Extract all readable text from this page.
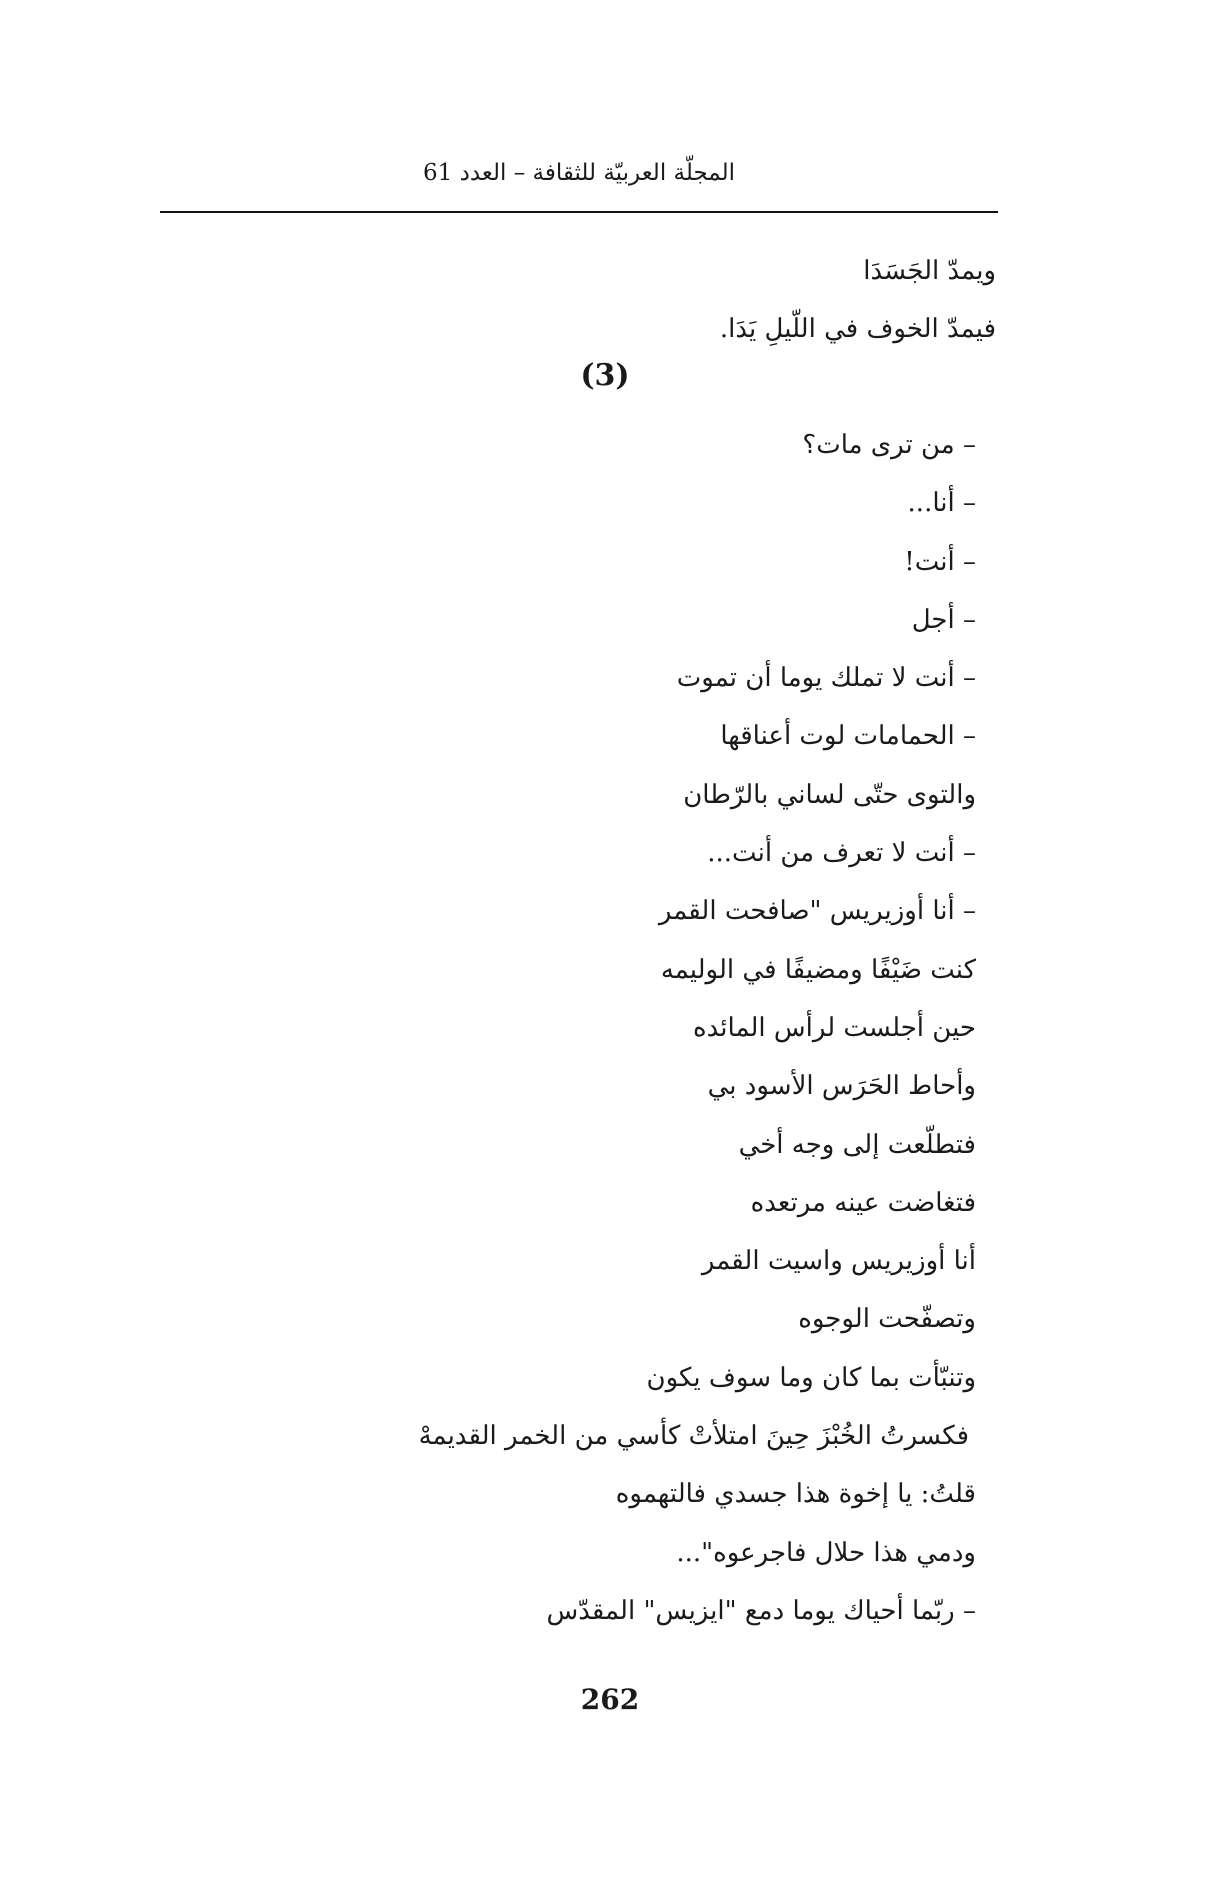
المجلّة العربيّة للثقافة – العدد 61
ويمدّ الجَسَدَا
فيمدّ الخوف في اللّيلِ يَدَا.
(3)
– من ترى مات؟
– أنا...
– أنت!
– أجل
– أنت لا تملك يوما أن تموت
– الحمامات لوت أعناقها
والتوى حتّى لساني بالرّطان
– أنت لا تعرف من أنت...
– أنا أوزيريس "صافحت القمر
كنت ضَيْفًا ومضيفًا في الوليمه
حين أجلست لرأس المائده
وأحاط الحَرَس الأسود بي
فتطلّعت إلى وجه أخي
فتغاضت عينه مرتعده
أنا أوزيريس واسيت القمر
وتصفّحت الوجوه
وتنبّأت بما كان وما سوف يكون
فكسرتُ الخُبْزَ حِينَ امتلأتْ كأسي من الخمر القديمهْ
قلتُ: يا إخوة هذا جسدي فالتهموه
ودمي هذا حلال فاجرعوه"...
– ربّما أحياك يوما دمع "ايزيس" المقدّس
262
